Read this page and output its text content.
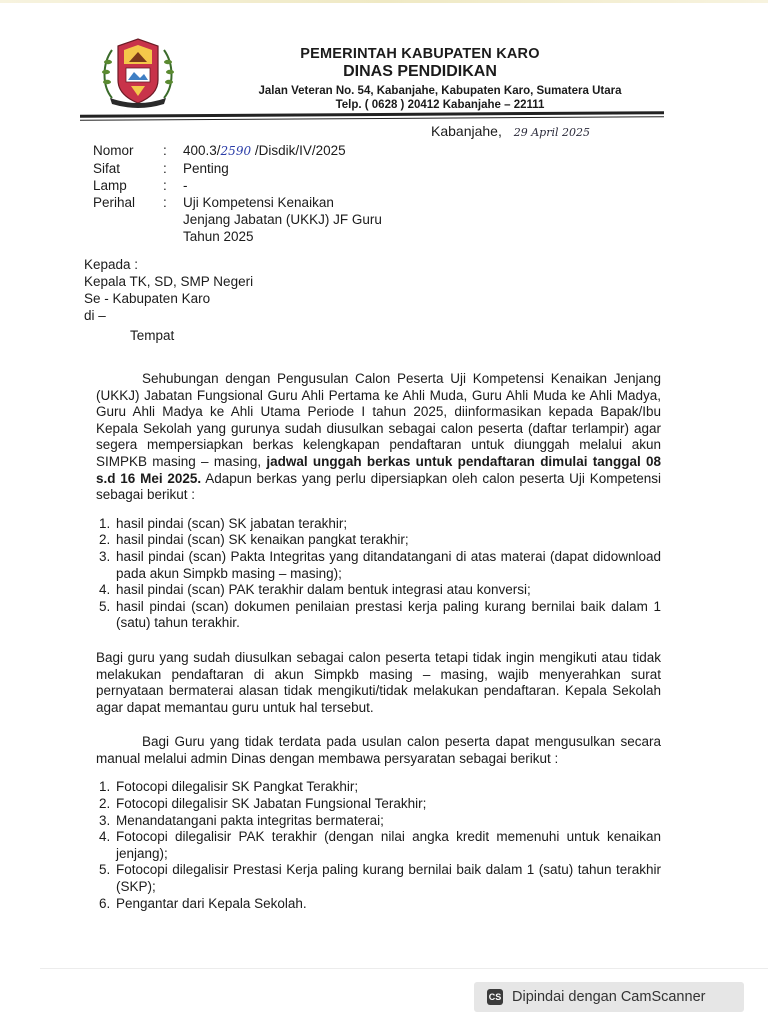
PEMERINTAH KABUPATEN KARO
DINAS PENDIDIKAN
Jalan Veteran No. 54, Kabanjahe, Kabupaten Karo, Sumatera Utara
Telp. ( 0628 ) 20412 Kabanjahe – 22111
Kabanjahe, 29 April 2025
Nomor	:	400.3/2590 /Disdik/IV/2025
Sifat	:	Penting
Lamp	:	-
Perihal	:	Uji Kompetensi Kenaikan
Jenjang Jabatan (UKKJ) JF Guru
Tahun 2025
Kepada :
Kepala TK, SD, SMP Negeri
Se - Kabupaten Karo
di –
Tempat

Sehubungan dengan Pengusulan Calon Peserta Uji Kompetensi Kenaikan Jenjang (UKKJ) Jabatan Fungsional Guru Ahli Pertama ke Ahli Muda, Guru Ahli Muda ke Ahli Madya, Guru Ahli Madya ke Ahli Utama Periode I tahun 2025, diinformasikan kepada Bapak/Ibu Kepala Sekolah yang gurunya sudah diusulkan sebagai calon peserta (daftar terlampir) agar segera mempersiapkan berkas kelengkapan pendaftaran untuk diunggah melalui akun SIMPKB masing – masing, jadwal unggah berkas untuk pendaftaran dimulai tanggal 08 s.d 16 Mei 2025. Adapun berkas yang perlu dipersiapkan oleh calon peserta Uji Kompetensi sebagai berikut :

1. hasil pindai (scan) SK jabatan terakhir;
2. hasil pindai (scan) SK kenaikan pangkat terakhir;
3. hasil pindai (scan) Pakta Integritas yang ditandatangani di atas materai (dapat didownload pada akun Simpkb masing – masing);
4. hasil pindai (scan) PAK terakhir dalam bentuk integrasi atau konversi;
5. hasil pindai (scan) dokumen penilaian prestasi kerja paling kurang bernilai baik dalam 1 (satu) tahun terakhir.

Bagi guru yang sudah diusulkan sebagai calon peserta tetapi tidak ingin mengikuti atau tidak melakukan pendaftaran di akun Simpkb masing – masing, wajib menyerahkan surat pernyataan bermaterai alasan tidak mengikuti/tidak melakukan pendaftaran. Kepala Sekolah agar dapat memantau guru untuk hal tersebut.

Bagi Guru yang tidak terdata pada usulan calon peserta dapat mengusulkan secara manual melalui admin Dinas dengan membawa persyaratan sebagai berikut :

1. Fotocopi dilegalisir SK Pangkat Terakhir;
2. Fotocopi dilegalisir SK Jabatan Fungsional Terakhir;
3. Menandatangani pakta integritas bermaterai;
4. Fotocopi dilegalisir PAK terakhir (dengan nilai angka kredit memenuhi untuk kenaikan jenjang);
5. Fotocopi dilegalisir Prestasi Kerja paling kurang bernilai baik dalam 1 (satu) tahun terakhir (SKP);
6. Pengantar dari Kepala Sekolah.
CS Dipindai dengan CamScanner
